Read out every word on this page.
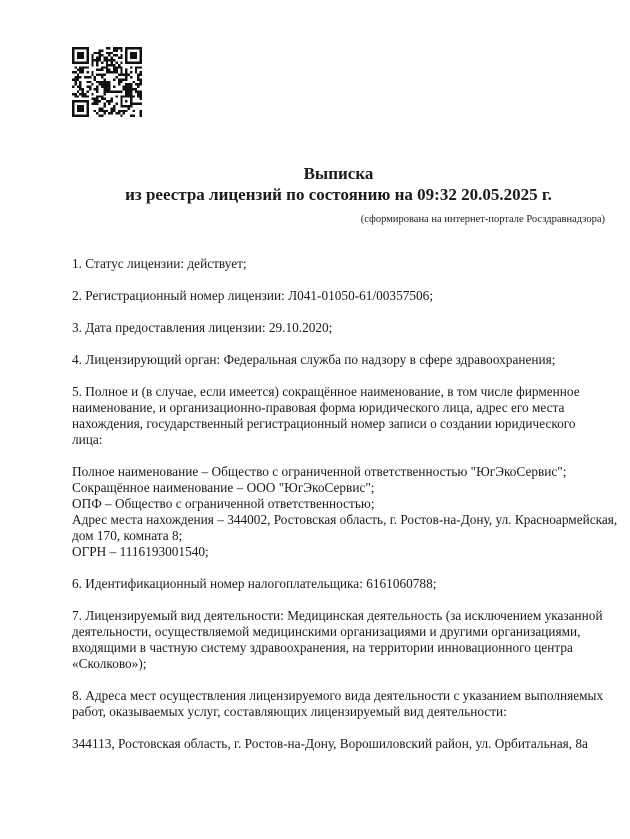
Выписка
из реестра лицензий по состоянию на 09:32 20.05.2025 г.
(сформирована на интернет-портале Росздравнадзора)

1. Статус лицензии: действует;

2. Регистрационный номер лицензии: Л041-01050-61/00357506;

3. Дата предоставления лицензии: 29.10.2020;

4. Лицензирующий орган: Федеральная служба по надзору в сфере здравоохранения;

5. Полное и (в случае, если имеется) сокращённое наименование, в том числе фирменное наименование, и организационно-правовая форма юридического лица, адрес его места нахождения, государственный регистрационный номер записи о создании юридического лица:

Полное наименование – Общество с ограниченной ответственностью "ЮгЭкоСервис";
Сокращённое наименование – ООО "ЮгЭкоСервис";
ОПФ – Общество с ограниченной ответственностью;
Адрес места нахождения – 344002, Ростовская область, г. Ростов-на-Дону, ул. Красноармейская,
дом 170, комната 8;
ОГРН – 1116193001540;

6. Идентификационный номер налогоплательщика: 6161060788;

7. Лицензируемый вид деятельности: Медицинская деятельность (за исключением указанной деятельности, осуществляемой медицинскими организациями и другими организациями, входящими в частную систему здравоохранения, на территории инновационного центра «Сколково»);

8. Адреса мест осуществления лицензируемого вида деятельности с указанием выполняемых работ, оказываемых услуг, составляющих лицензируемый вид деятельности:

344113, Ростовская область, г. Ростов-на-Дону, Ворошиловский район, ул. Орбитальная, 8а
